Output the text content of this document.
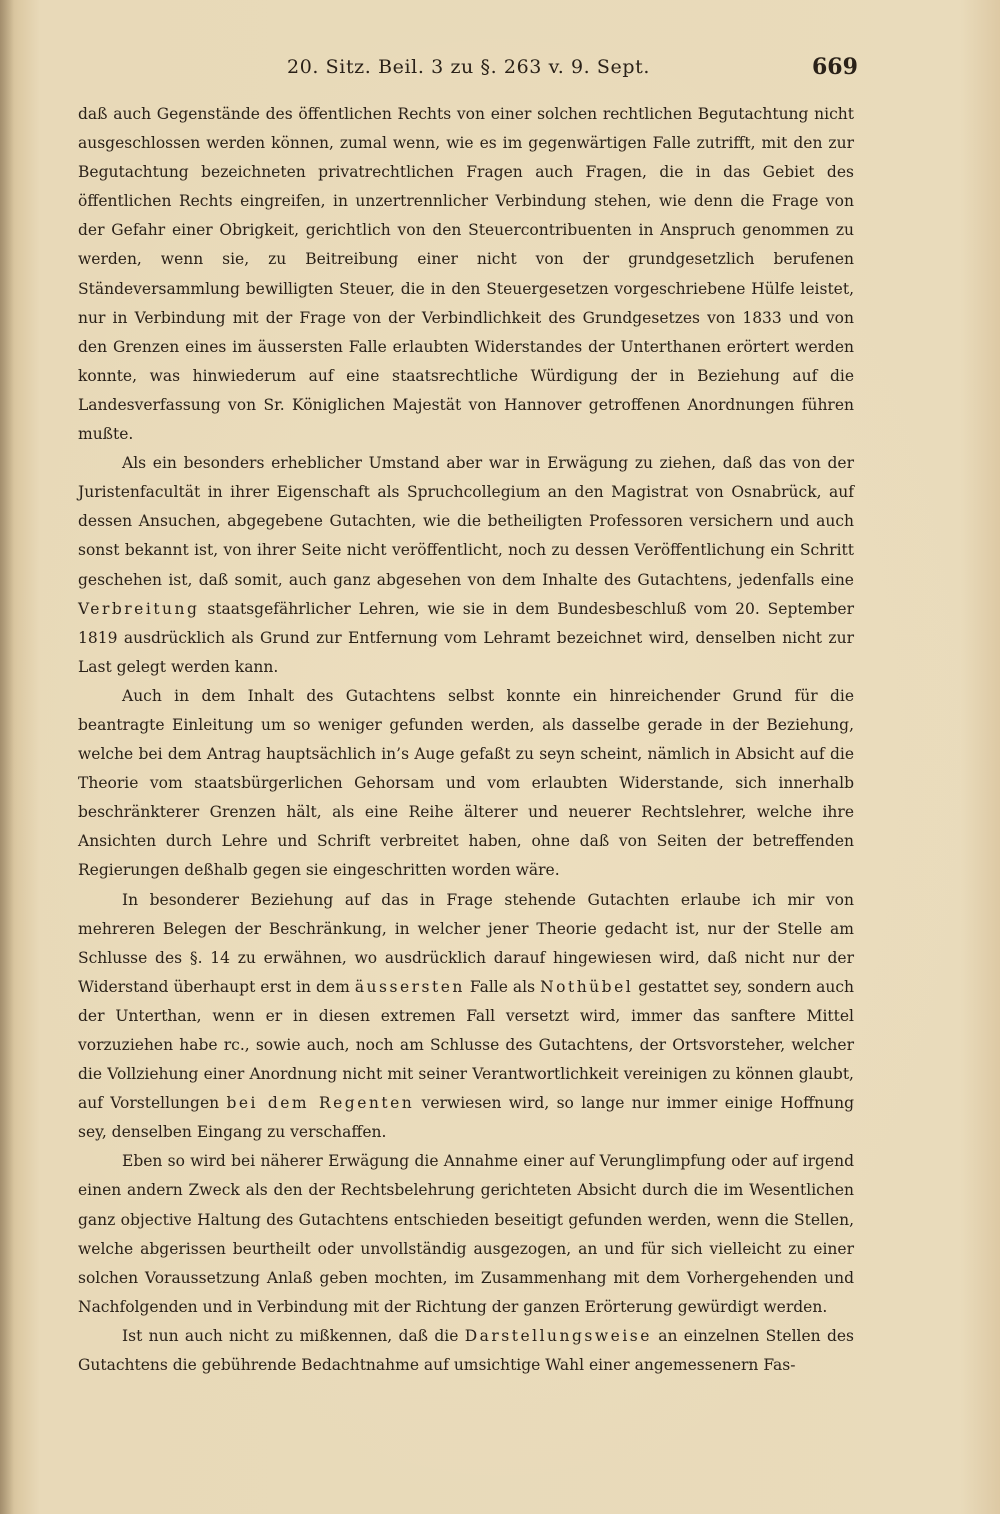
20. Sitz. Beil. 3 zu §. 263 v. 9. Sept.	669

daß auch Gegenstände des öffentlichen Rechts von einer solchen rechtlichen Begutachtung nicht ausgeschlossen werden können, zumal wenn, wie es im gegenwärtigen Falle zutrifft, mit den zur Begutachtung bezeichneten privatrechtlichen Fragen auch Fragen, die in das Gebiet des öffentlichen Rechts eingreifen, in unzertrennlicher Verbindung stehen, wie denn die Frage von der Gefahr einer Obrigkeit, gerichtlich von den Steuercontribuenten in Anspruch genommen zu werden, wenn sie, zu Beitreibung einer nicht von der grundgesetzlich berufenen Ständeversammlung bewilligten Steuer, die in den Steuergesetzen vorgeschriebene Hülfe leistet, nur in Verbindung mit der Frage von der Verbindlichkeit des Grundgesetzes von 1833 und von den Grenzen eines im äussersten Falle erlaubten Widerstandes der Unterthanen erörtert werden konnte, was hinwiederum auf eine staatsrechtliche Würdigung der in Beziehung auf die Landesverfassung von Sr. Königlichen Majestät von Hannover getroffenen Anordnungen führen mußte.

Als ein besonders erheblicher Umstand aber war in Erwägung zu ziehen, daß das von der Juristenfacultät in ihrer Eigenschaft als Spruchcollegium an den Magistrat von Osnabrück, auf dessen Ansuchen, abgegebene Gutachten, wie die betheiligten Professoren versichern und auch sonst bekannt ist, von ihrer Seite nicht veröffentlicht, noch zu dessen Veröffentlichung ein Schritt geschehen ist, daß somit, auch ganz abgesehen von dem Inhalte des Gutachtens, jedenfalls eine Verbreitung staatsgefährlicher Lehren, wie sie in dem Bundesbeschluß vom 20. September 1819 ausdrücklich als Grund zur Entfernung vom Lehramt bezeichnet wird, denselben nicht zur Last gelegt werden kann.

Auch in dem Inhalt des Gutachtens selbst konnte ein hinreichender Grund für die beantragte Einleitung um so weniger gefunden werden, als dasselbe gerade in der Beziehung, welche bei dem Antrag hauptsächlich in’s Auge gefaßt zu seyn scheint, nämlich in Absicht auf die Theorie vom staatsbürgerlichen Gehorsam und vom erlaubten Widerstande, sich innerhalb beschränkterer Grenzen hält, als eine Reihe älterer und neuerer Rechtslehrer, welche ihre Ansichten durch Lehre und Schrift verbreitet haben, ohne daß von Seiten der betreffenden Regierungen deßhalb gegen sie eingeschritten worden wäre.

In besonderer Beziehung auf das in Frage stehende Gutachten erlaube ich mir von mehreren Belegen der Beschränkung, in welcher jener Theorie gedacht ist, nur der Stelle am Schlusse des §. 14 zu erwähnen, wo ausdrücklich darauf hingewiesen wird, daß nicht nur der Widerstand überhaupt erst in dem äussersten Falle als Nothübel gestattet sey, sondern auch der Unterthan, wenn er in diesen extremen Fall versetzt wird, immer das sanftere Mittel vorzuziehen habe rc., sowie auch, noch am Schlusse des Gutachtens, der Ortsvorsteher, welcher die Vollziehung einer Anordnung nicht mit seiner Verantwortlichkeit vereinigen zu können glaubt, auf Vorstellungen bei dem Regenten verwiesen wird, so lange nur immer einige Hoffnung sey, denselben Eingang zu verschaffen.

Eben so wird bei näherer Erwägung die Annahme einer auf Verunglimpfung oder auf irgend einen andern Zweck als den der Rechtsbelehrung gerichteten Absicht durch die im Wesentlichen ganz objective Haltung des Gutachtens entschieden beseitigt gefunden werden, wenn die Stellen, welche abgerissen beurtheilt oder unvollständig ausgezogen, an und für sich vielleicht zu einer solchen Voraussetzung Anlaß geben mochten, im Zusammenhang mit dem Vorhergehenden und Nachfolgenden und in Verbindung mit der Richtung der ganzen Erörterung gewürdigt werden.

Ist nun auch nicht zu mißkennen, daß die Darstellungsweise an einzelnen Stellen des Gutachtens die gebührende Bedachtnahme auf umsichtige Wahl einer angemessenern Fas-
